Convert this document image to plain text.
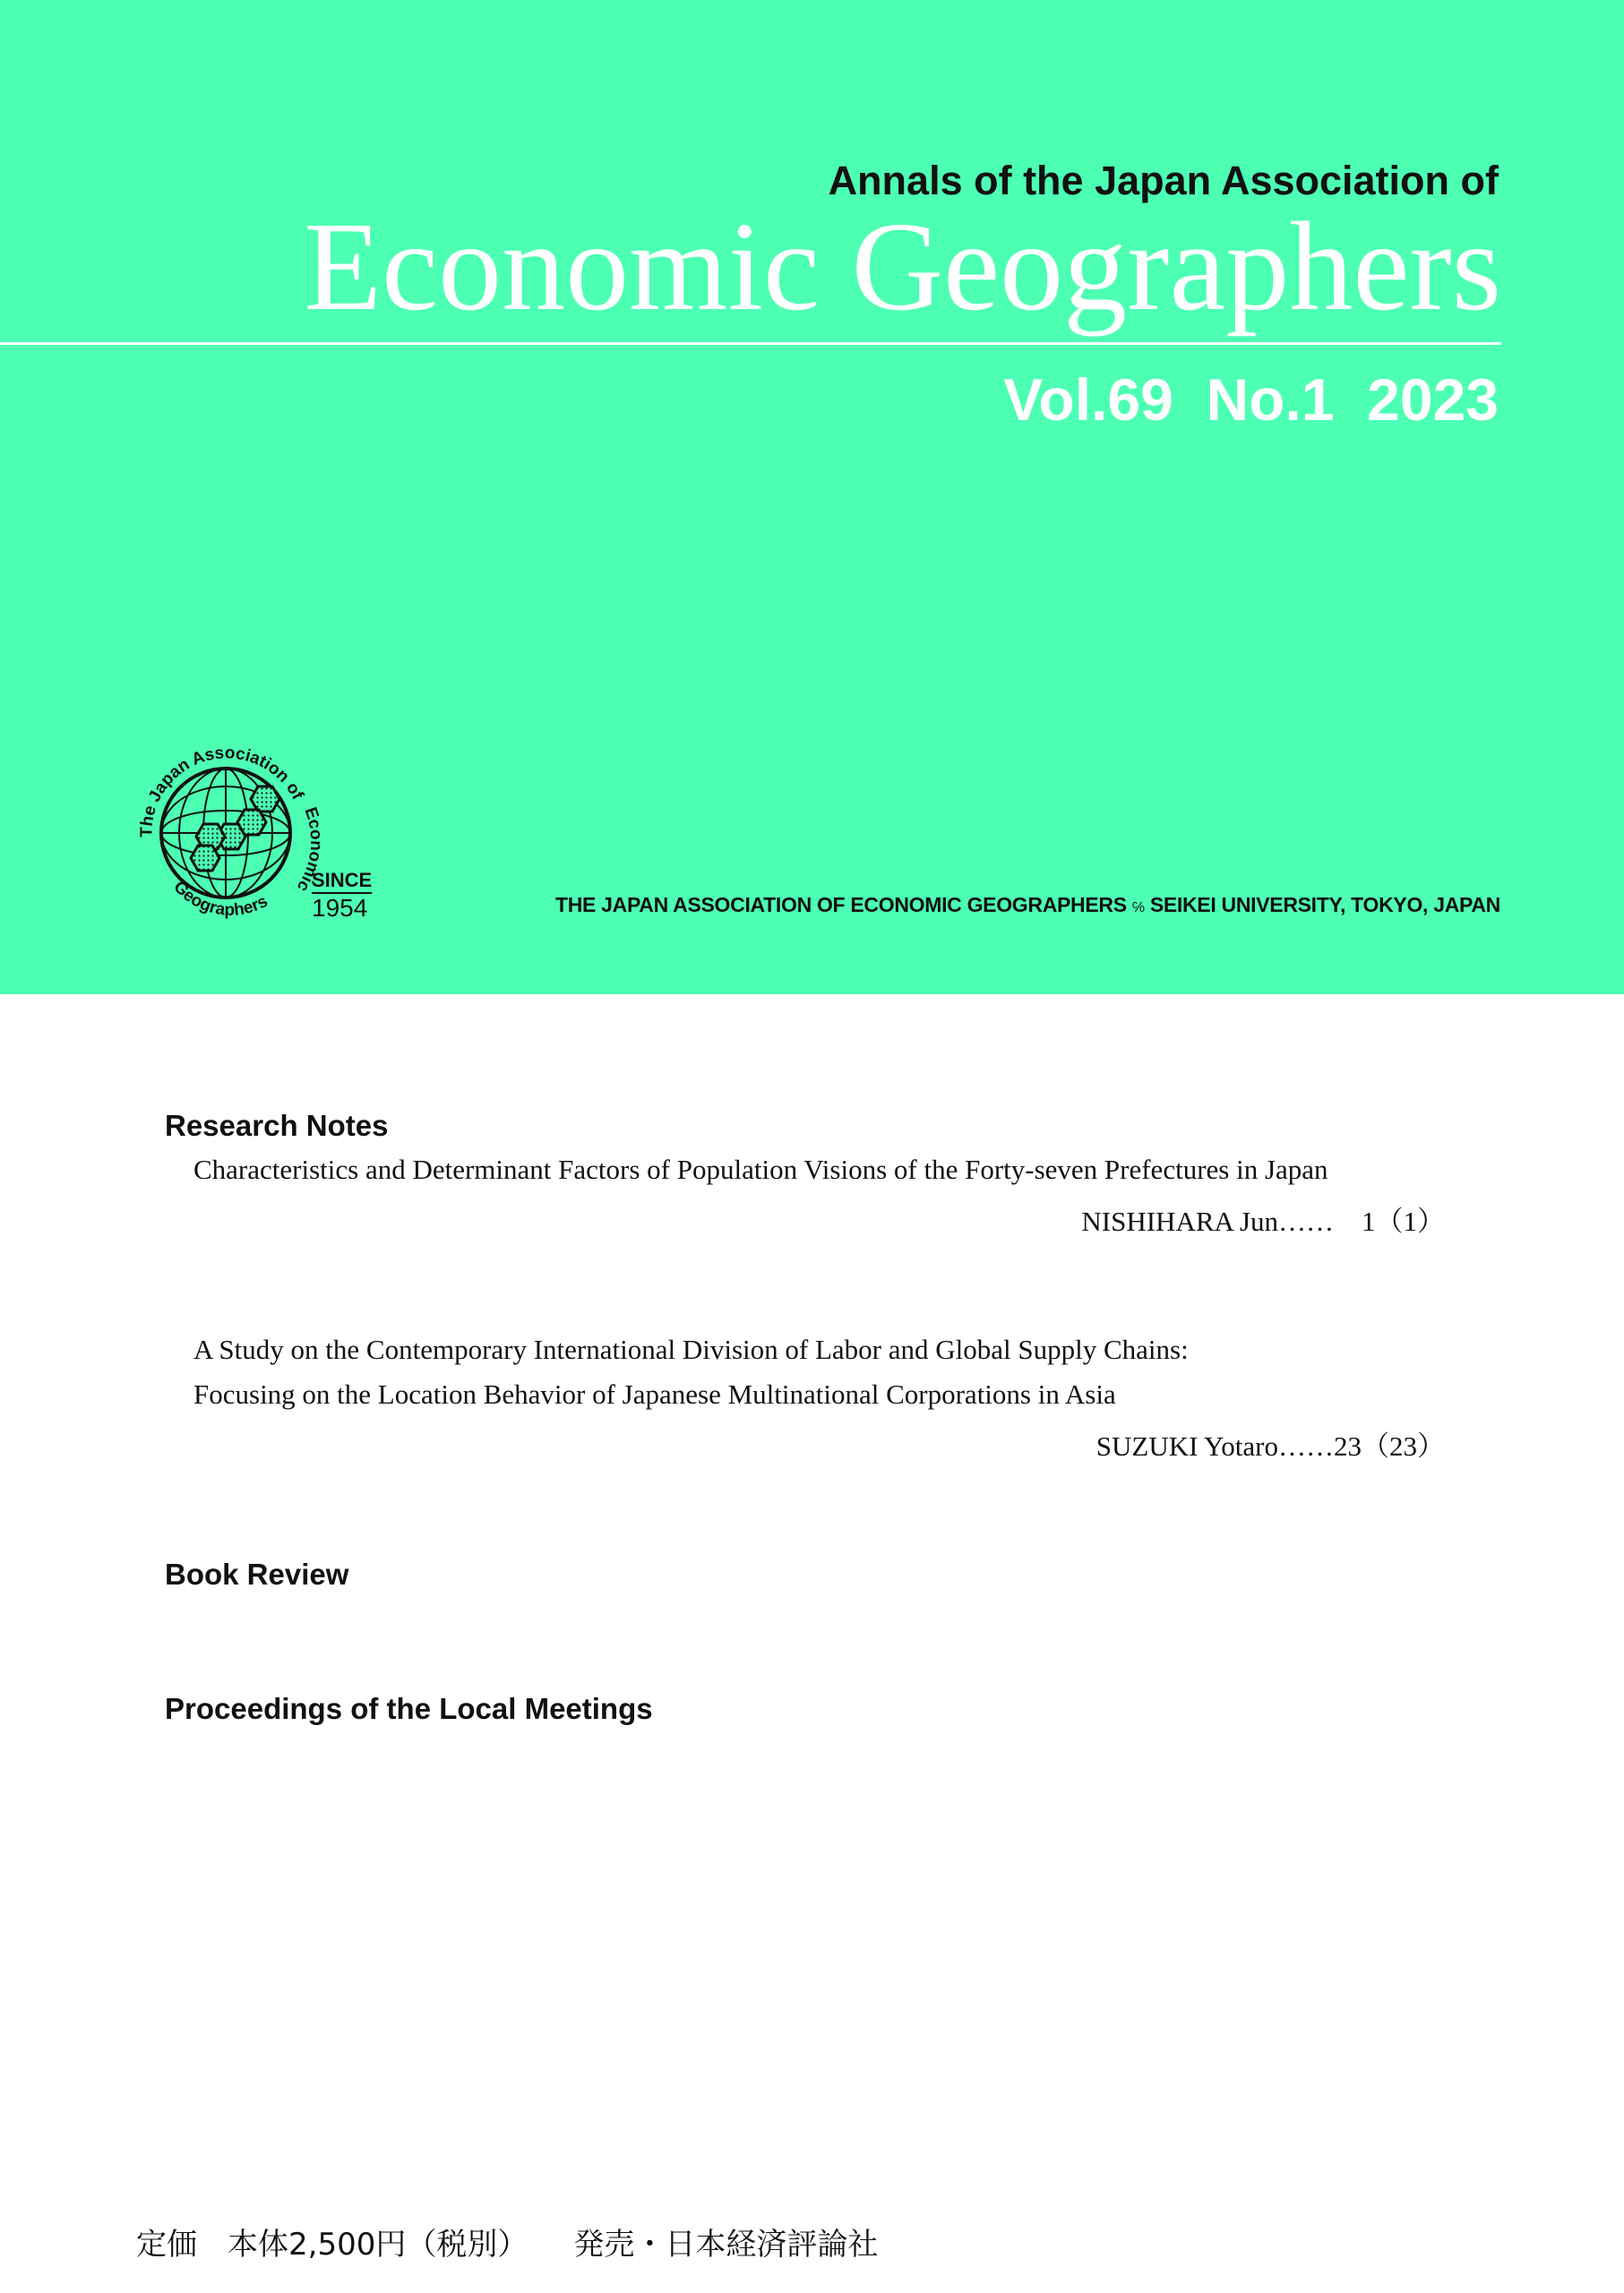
Annals of the Japan Association of
Economic Geographers
Vol.69  No.1  2023
The Japan Association of
Economic
Geographers
SINCE
1954	THE JAPAN ASSOCIATION OF ECONOMIC GEOGRAPHERS ℅ SEIKEI UNIVERSITY, TOKYO, JAPAN
Research Notes
Characteristics and Determinant Factors of Population Visions of the Forty-seven Prefectures in Japan
NISHIHARA Jun……　1（1）
A Study on the Contemporary International Division of Labor and Global Supply Chains:
Focusing on the Location Behavior of Japanese Multinational Corporations in Asia
SUZUKI Yotaro……23（23）
Book Review
Proceedings of the Local Meetings
定価　本体2,500円（税別）　　 発売・日本経済評論社
